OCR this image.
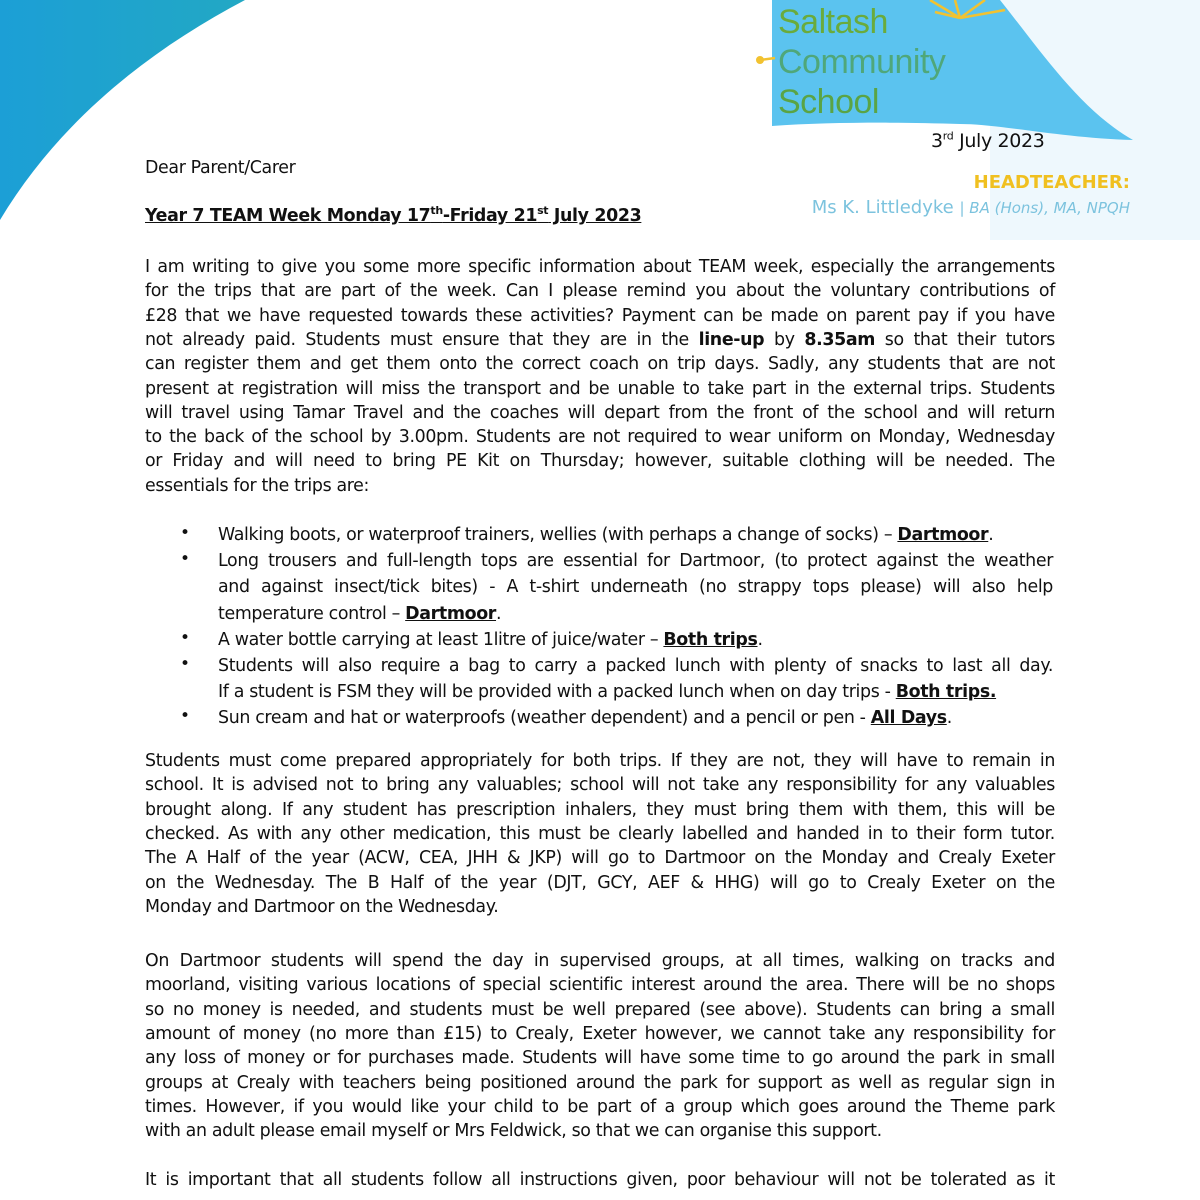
Saltash
Community
School
3rd July 2023
HEADTEACHER:
Ms K. Littledyke | BA (Hons), MA, NPQH
Dear Parent/Carer
Year 7 TEAM Week Monday 17th-Friday 21st July 2023
I am writing to give you some more specific information about TEAM week, especially the arrangements
for the trips that are part of the week. Can I please remind you about the voluntary contributions of
£28 that we have requested towards these activities? Payment can be made on parent pay if you have
not already paid. Students must ensure that they are in the line-up by 8.35am so that their tutors
can register them and get them onto the correct coach on trip days. Sadly, any students that are not
present at registration will miss the transport and be unable to take part in the external trips. Students
will travel using Tamar Travel and the coaches will depart from the front of the school and will return
to the back of the school by 3.00pm. Students are not required to wear uniform on Monday, Wednesday
or Friday and will need to bring PE Kit on Thursday; however, suitable clothing will be needed. The
essentials for the trips are:
• Walking boots, or waterproof trainers, wellies (with perhaps a change of socks) – Dartmoor.
• Long trousers and full-length tops are essential for Dartmoor, (to protect against the weather
and against insect/tick bites) - A t-shirt underneath (no strappy tops please) will also help
temperature control – Dartmoor.
• A water bottle carrying at least 1litre of juice/water – Both trips.
• Students will also require a bag to carry a packed lunch with plenty of snacks to last all day.
If a student is FSM they will be provided with a packed lunch when on day trips - Both trips.
• Sun cream and hat or waterproofs (weather dependent) and a pencil or pen - All Days.
Students must come prepared appropriately for both trips. If they are not, they will have to remain in
school. It is advised not to bring any valuables; school will not take any responsibility for any valuables
brought along. If any student has prescription inhalers, they must bring them with them, this will be
checked. As with any other medication, this must be clearly labelled and handed in to their form tutor.
The A Half of the year (ACW, CEA, JHH & JKP) will go to Dartmoor on the Monday and Crealy Exeter
on the Wednesday. The B Half of the year (DJT, GCY, AEF & HHG) will go to Crealy Exeter on the
Monday and Dartmoor on the Wednesday.
On Dartmoor students will spend the day in supervised groups, at all times, walking on tracks and
moorland, visiting various locations of special scientific interest around the area. There will be no shops
so no money is needed, and students must be well prepared (see above). Students can bring a small
amount of money (no more than £15) to Crealy, Exeter however, we cannot take any responsibility for
any loss of money or for purchases made. Students will have some time to go around the park in small
groups at Crealy with teachers being positioned around the park for support as well as regular sign in
times. However, if you would like your child to be part of a group which goes around the Theme park
with an adult please email myself or Mrs Feldwick, so that we can organise this support.
It is important that all students follow all instructions given, poor behaviour will not be tolerated as it
